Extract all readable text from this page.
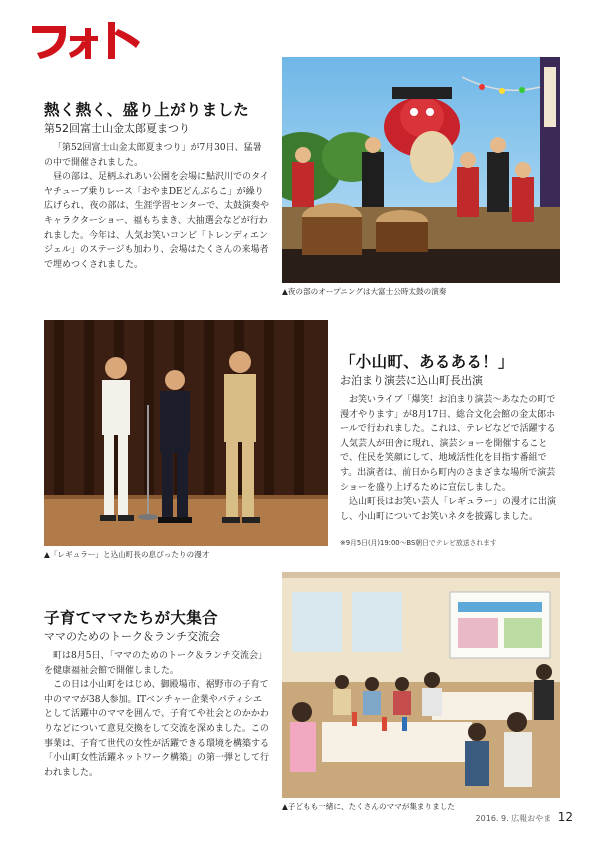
熱く熱く、盛り上がりました
第52回富士山金太郎夏まつり

「第52回富士山金太郎夏まつり」が7月30日、猛暑の中で開催されました。

昼の部は、足柄ふれあい公園を会場に鮎沢川でのタイヤチューブ乗りレース「おやまDEどんぶらこ」が繰り広げられ、夜の部は、生涯学習センターで、太鼓演奏やキャラクターショー、福もちまき、大抽選会などが行われました。今年は、人気お笑いコンビ「トレンディエンジェル」のステージも加わり、会場はたくさんの来場者で埋めつくされました。

▲夜の部のオープニングは大富士公時太鼓の演奏
▲「レギュラー」と込山町長の息ぴったりの漫才
「小山町、あるある！」
お泊まり演芸に込山町長出演

お笑いライブ「爆笑！お泊まり演芸～あなたの町で漫才やります」が8月17日、総合文化会館の金太郎ホールで行われました。これは、テレビなどで活躍する人気芸人が田舎に現れ、演芸ショーを開催することで、住民を笑顔にして、地域活性化を目指す番組です。出演者は、前日から町内のさまざまな場所で演芸ショーを盛り上げるために宣伝しました。

込山町長はお笑い芸人「レギュラー」の漫才に出演し、小山町についてお笑いネタを披露しました。

※9月5日(月)19:00～BS朝日でテレビ放送されます
子育てママたちが大集合
ママのためのトーク＆ランチ交流会

町は8月5日、「ママのためのトーク＆ランチ交流会」を健康福祉会館で開催しました。

この日は小山町をはじめ、御殿場市、裾野市の子育て中のママが38人参加。ITベンチャー企業やパティシエとして活躍中のママを囲んで、子育てや社会とのかかわりなどについて意見交換をして交流を深めました。この事業は、子育て世代の女性が活躍できる環境を構築する「小山町女性活躍ネットワーク構築」の第一弾として行われました。

▲子どもも一緒に、たくさんのママが集まりました
2016. 9. 広報おやま 12
